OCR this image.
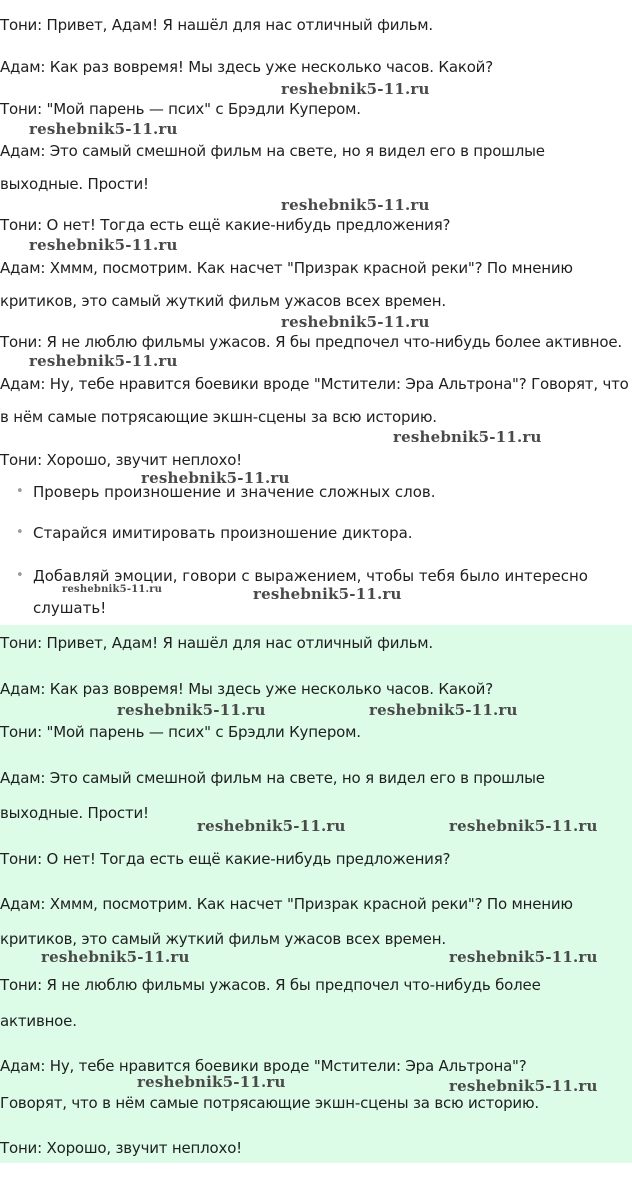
Тони: Привет, Адам! Я нашёл для нас отличный фильм.
Адам: Как раз вовремя! Мы здесь уже несколько часов. Какой?
Тони: "Мой парень — псих" с Брэдли Купером.
Адам: Это самый смешной фильм на свете, но я видел его в прошлые
выходные. Прости!
Тони: О нет! Тогда есть ещё какие-нибудь предложения?
Адам: Хммм, посмотрим. Как насчет "Призрак красной реки"? По мнению
критиков, это самый жуткий фильм ужасов всех времен.
Тони: Я не люблю фильмы ужасов. Я бы предпочел что-нибудь более активное.
Адам: Ну, тебе нравится боевики вроде "Мстители: Эра Альтрона"? Говорят, что
в нём самые потрясающие экшн-сцены за всю историю.
Тони: Хорошо, звучит неплохо!
• Проверь произношение и значение сложных слов.
• Старайся имитировать произношение диктора.
• Добавляй эмоции, говори с выражением, чтобы тебя было интересно
слушать!
Тони: Привет, Адам! Я нашёл для нас отличный фильм.
Адам: Как раз вовремя! Мы здесь уже несколько часов. Какой?
Тони: "Мой парень — псих" с Брэдли Купером.
Адам: Это самый смешной фильм на свете, но я видел его в прошлые
выходные. Прости!
Тони: О нет! Тогда есть ещё какие-нибудь предложения?
Адам: Хммм, посмотрим. Как насчет "Призрак красной реки"? По мнению
критиков, это самый жуткий фильм ужасов всех времен.
Тони: Я не люблю фильмы ужасов. Я бы предпочел что-нибудь более
активное.
Адам: Ну, тебе нравится боевики вроде "Мстители: Эра Альтрона"?
Говорят, что в нём самые потрясающие экшн-сцены за всю историю.
Тони: Хорошо, звучит неплохо!
reshebnik5-11.ru
reshebnik5-11.ru
reshebnik5-11.ru
reshebnik5-11.ru
reshebnik5-11.ru
reshebnik5-11.ru
reshebnik5-11.ru
reshebnik5-11.ru
reshebnik5-11.ru	reshebnik5-11.ru
reshebnik5-11.ru	reshebnik5-11.ru
reshebnik5-11.ru	reshebnik5-11.ru
reshebnik5-11.ru	reshebnik5-11.ru
reshebnik5-11.ru	reshebnik5-11.ru
